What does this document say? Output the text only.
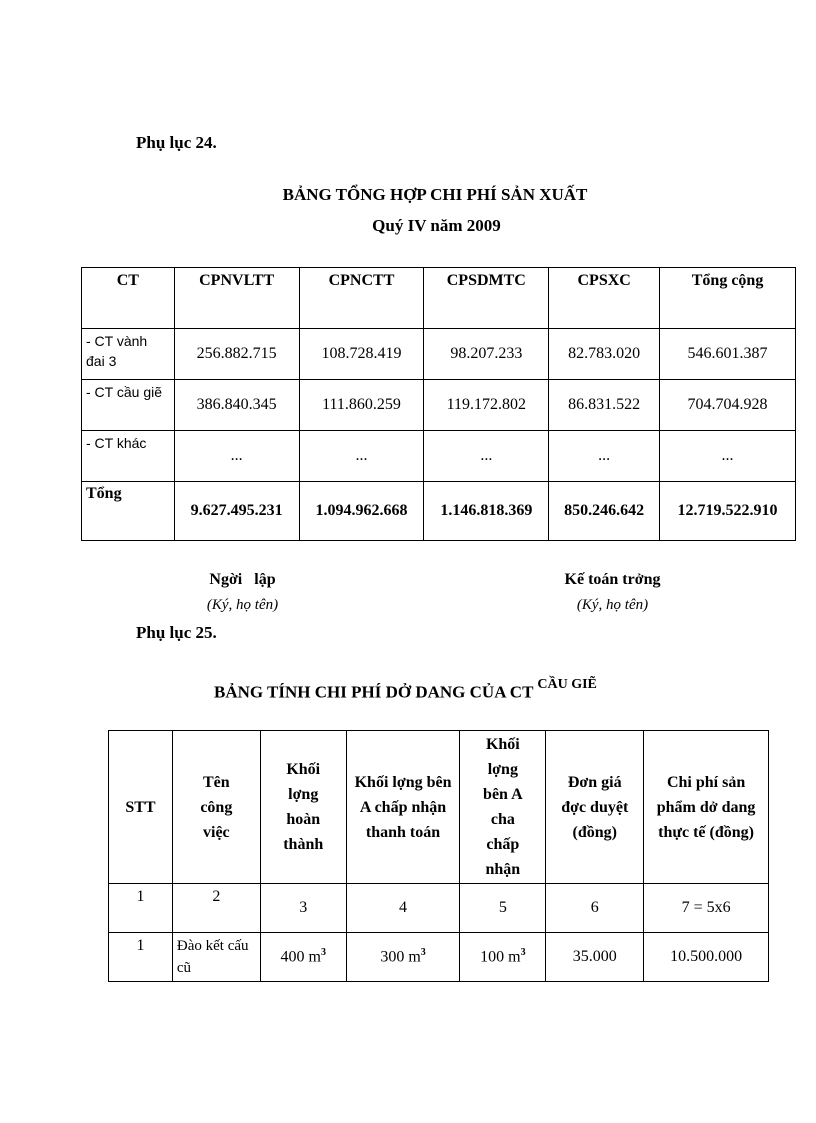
Phụ lục 24.
BẢNG TỔNG HỢP CHI PHÍ SẢN XUẤT
Quý IV năm 2009
CT	CPNVLTT	CPNCTT	CPSDMTC	CPSXC	Tổng cộng
- CT vành đai 3	256.882.715	108.728.419	98.207.233	82.783.020	546.601.387
- CT cầu giẽ	386.840.345	111.860.259	119.172.802	86.831.522	704.704.928
- CT khác	...	...	...	...	...
Tổng	9.627.495.231	1.094.962.668	1.146.818.369	850.246.642	12.719.522.910
Ngời   lập
(Ký, họ tên)
Kế toán trởng
(Ký, họ tên)
Phụ lục 25.
BẢNG TÍNH CHI PHÍ DỞ DANG CỦA CT $^{CẦU GIẼ}$
STT	Tên công việc	Khối lợng hoàn thành	Khối lợng bên A chấp nhận thanh toán	Khối lợng bên A cha chấp nhận	Đơn giá đợc duyệt (đồng)	Chi phí sản phẩm dở dang thực tế (đồng)
1	2	3	4	5	6	7 = 5x6
1	Đào kết cấu cũ	400 $m^3$	300 $m^3$	100 $m^3$	35.000	10.500.000
